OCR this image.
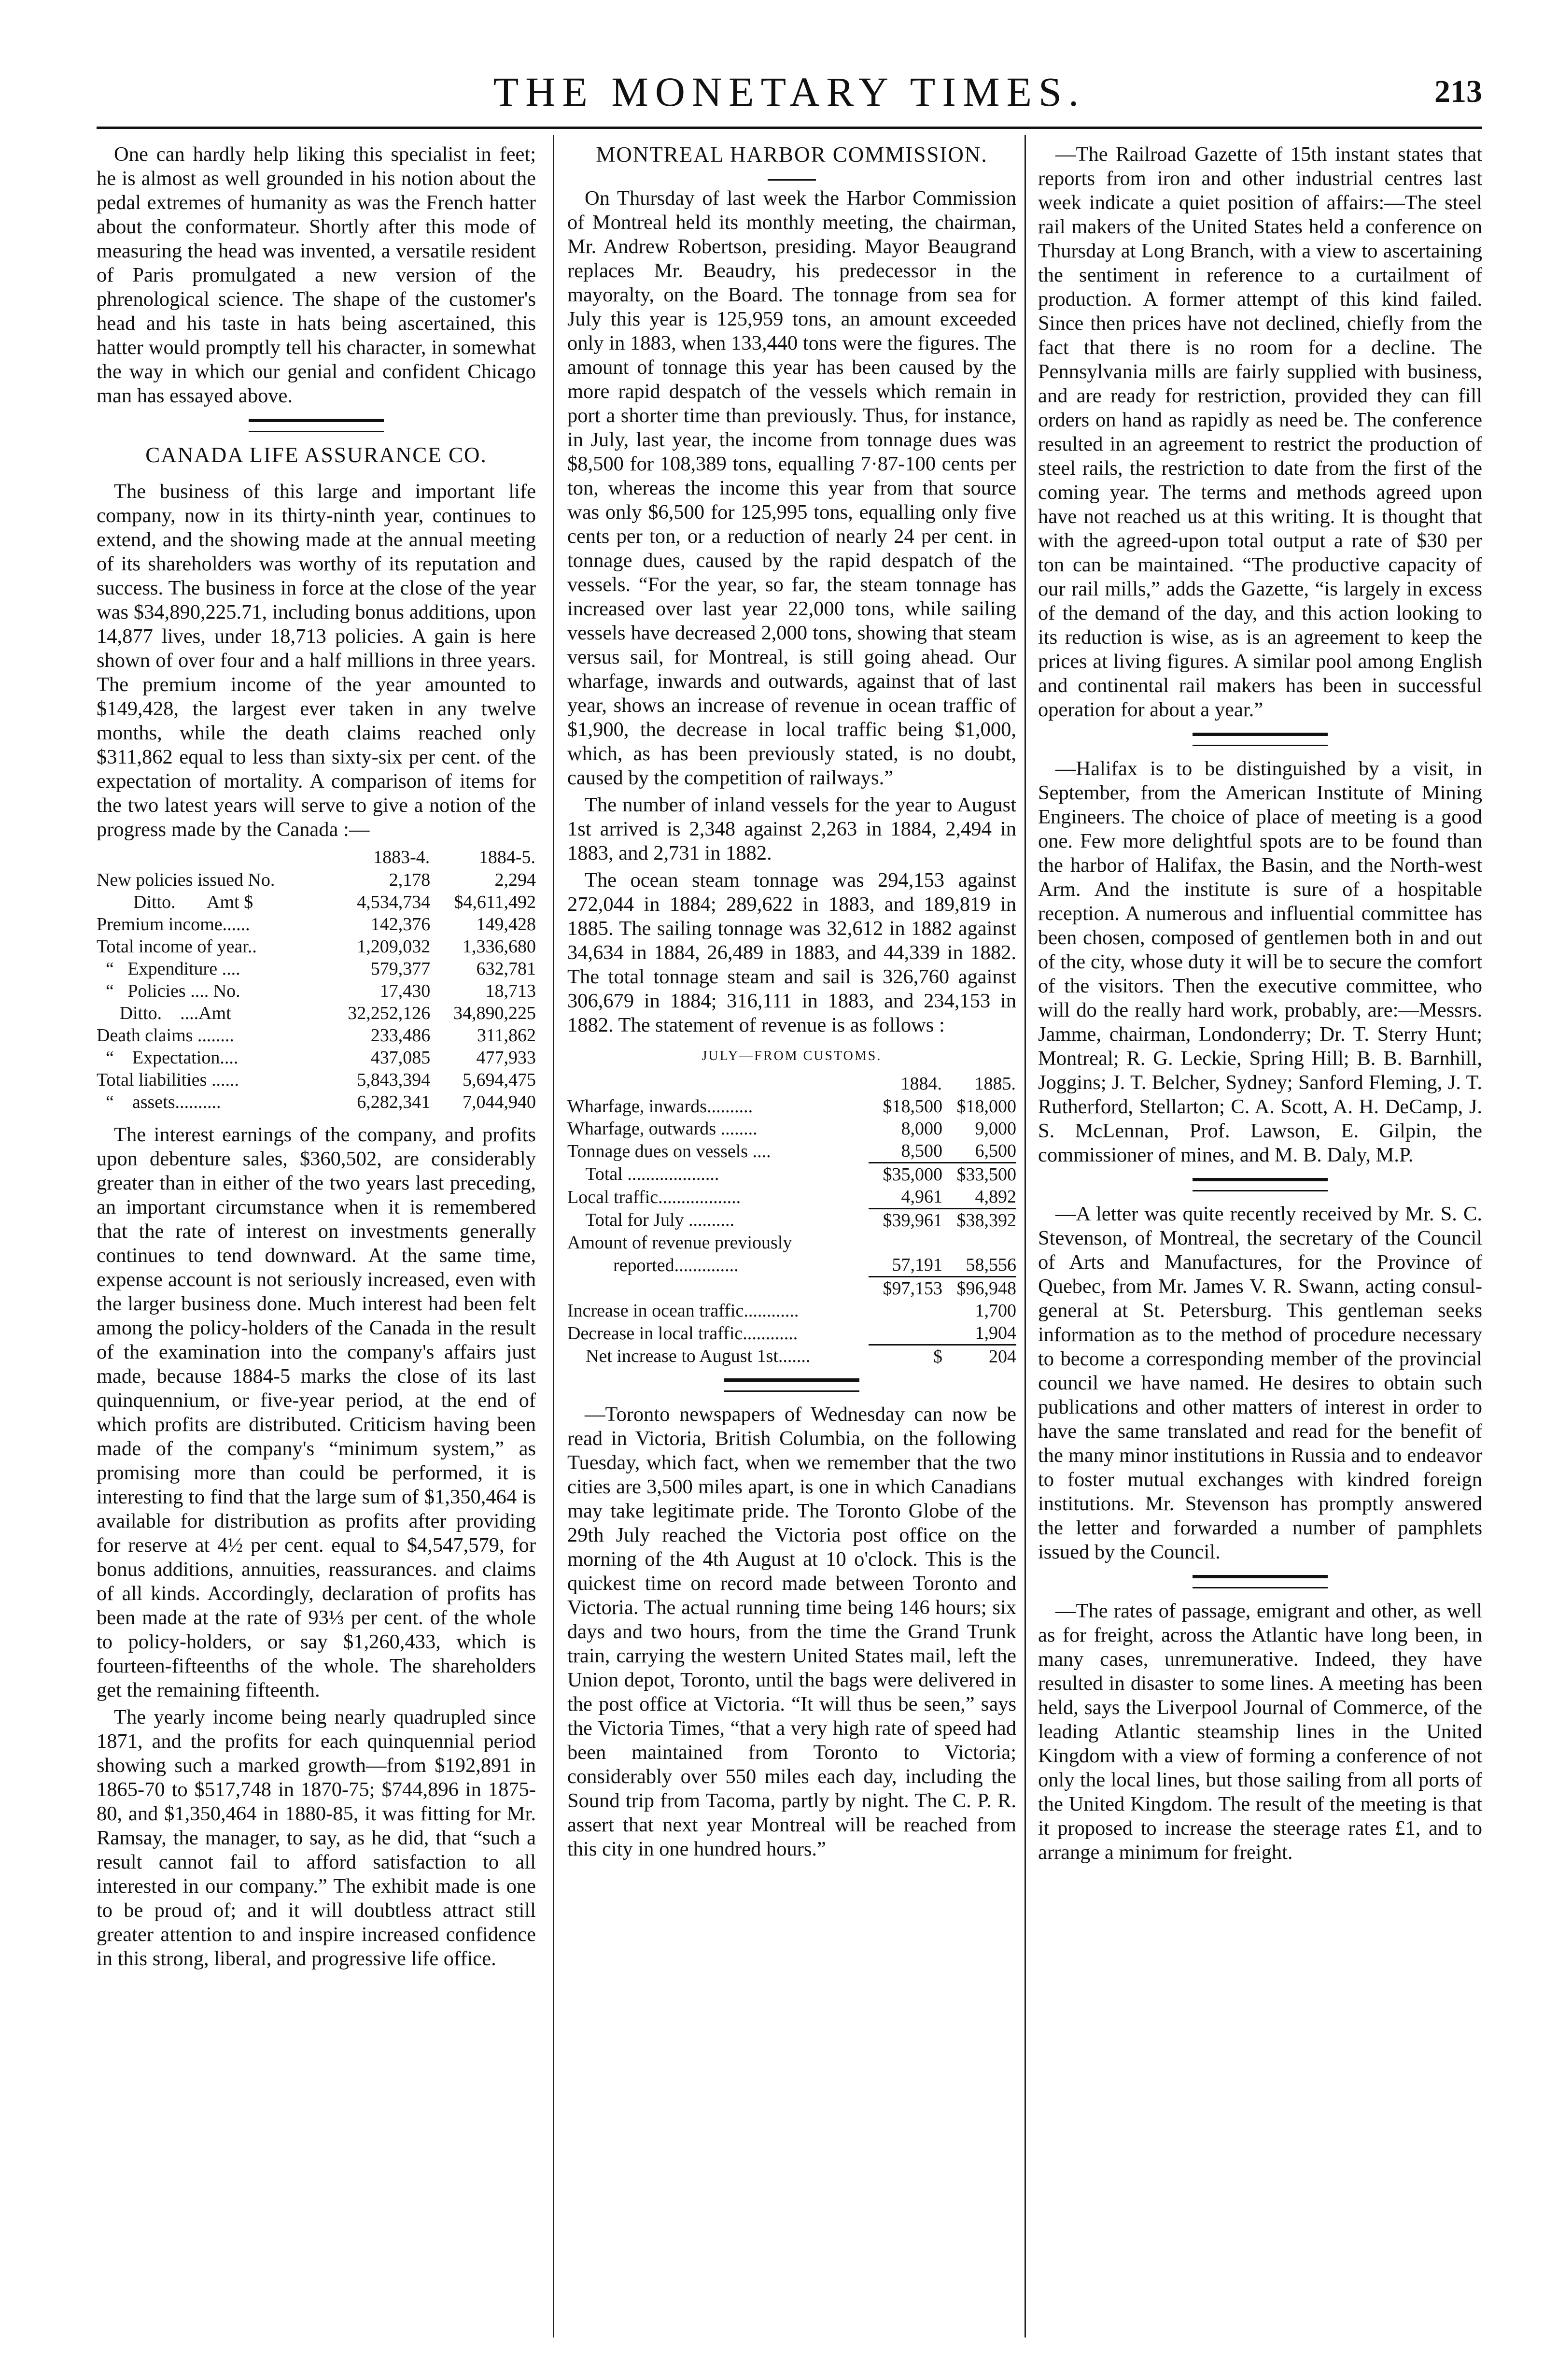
THE MONETARY TIMES.	213

One can hardly help liking this specialist in feet; he is almost as well grounded in his notion about the pedal extremes of humanity as was the French hatter about the conformateur. Shortly after this mode of measuring the head was invented, a versatile resident of Paris promulgated a new version of the phrenological science. The shape of the customer's head and his taste in hats being ascertained, this hatter would promptly tell his character, in somewhat the way in which our genial and confident Chicago man has essayed above.

CANADA LIFE ASSURANCE CO.

The business of this large and important life company, now in its thirty-ninth year, continues to extend, and the showing made at the annual meeting of its shareholders was worthy of its reputation and success. The business in force at the close of the year was $34,890,225.71, including bonus additions, upon 14,877 lives, under 18,713 policies. A gain is here shown of over four and a half millions in three years. The premium income of the year amounted to $149,428, the largest ever taken in any twelve months, while the death claims reached only $311,862 equal to less than sixty-six per cent. of the expectation of mortality. A comparison of items for the two latest years will serve to give a notion of the progress made by the Canada :—

	1883-4.	1884-5.
New policies issued No.	2,178	2,294
Ditto.       Amt $	4,534,734	$4,611,492
Premium income......	142,376	149,428
Total income of year..	1,209,032	1,336,680
“   Expenditure ....	579,377	632,781
“   Policies .... No.	17,430	18,713
Ditto.    ....Amt	32,252,126	34,890,225
Death claims ........	233,486	311,862
“    Expectation....	437,085	477,933
Total liabilities ......	5,843,394	5,694,475
“    assets..........	6,282,341	7,044,940

The interest earnings of the company, and profits upon debenture sales, $360,502, are considerably greater than in either of the two years last preceding, an important circumstance when it is remembered that the rate of interest on investments generally continues to tend downward. At the same time, expense account is not seriously increased, even with the larger business done. Much interest had been felt among the policy-holders of the Canada in the result of the examination into the company's affairs just made, because 1884-5 marks the close of its last quinquennium, or five-year period, at the end of which profits are distributed. Criticism having been made of the company's “minimum system,” as promising more than could be performed, it is interesting to find that the large sum of $1,350,464 is available for distribution as profits after providing for reserve at 4½ per cent. equal to $4,547,579, for bonus additions, annuities, reassurances. and claims of all kinds. Accordingly, declaration of profits has been made at the rate of 93⅓ per cent. of the whole to policy-holders, or say $1,260,433, which is fourteen-fifteenths of the whole. The shareholders get the remaining fifteenth.

The yearly income being nearly quadrupled since 1871, and the profits for each quinquennial period showing such a marked growth—from $192,891 in 1865-70 to $517,748 in 1870-75; $744,896 in 1875-80, and $1,350,464 in 1880-85, it was fitting for Mr. Ramsay, the manager, to say, as he did, that “such a result cannot fail to afford satisfaction to all interested in our company.” The exhibit made is one to be proud of; and it will doubtless attract still greater attention to and inspire increased confidence in this strong, liberal, and progressive life office.

MONTREAL HARBOR COMMISSION.

On Thursday of last week the Harbor Commission of Montreal held its monthly meeting, the chairman, Mr. Andrew Robertson, presiding. Mayor Beaugrand replaces Mr. Beaudry, his predecessor in the mayoralty, on the Board. The tonnage from sea for July this year is 125,959 tons, an amount exceeded only in 1883, when 133,440 tons were the figures. The amount of tonnage this year has been caused by the more rapid despatch of the vessels which remain in port a shorter time than previously. Thus, for instance, in July, last year, the income from tonnage dues was $8,500 for 108,389 tons, equalling 7·87-100 cents per ton, whereas the income this year from that source was only $6,500 for 125,995 tons, equalling only five cents per ton, or a reduction of nearly 24 per cent. in tonnage dues, caused by the rapid despatch of the vessels. “For the year, so far, the steam tonnage has increased over last year 22,000 tons, while sailing vessels have decreased 2,000 tons, showing that steam versus sail, for Montreal, is still going ahead. Our wharfage, inwards and outwards, against that of last year, shows an increase of revenue in ocean traffic of $1,900, the decrease in local traffic being $1,000, which, as has been previously stated, is no doubt, caused by the competition of railways.”

The number of inland vessels for the year to August 1st arrived is 2,348 against 2,263 in 1884, 2,494 in 1883, and 2,731 in 1882.

The ocean steam tonnage was 294,153 against 272,044 in 1884; 289,622 in 1883, and 189,819 in 1885. The sailing tonnage was 32,612 in 1882 against 34,634 in 1884, 26,489 in 1883, and 44,339 in 1882. The total tonnage steam and sail is 326,760 against 306,679 in 1884; 316,111 in 1883, and 234,153 in 1882. The statement of revenue is as follows :

JULY—FROM CUSTOMS.
	1884.	1885.
Wharfage, inwards..........	$18,500	$18,000
Wharfage, outwards ........	8,000	9,000
Tonnage dues on vessels ....	8,500	6,500
Total ....................	$35,000	$33,500
Local traffic..................	4,961	4,892
Total for July ..........	$39,961	$38,392
Amount of revenue previously		
reported..............	57,191	58,556
	$97,153	$96,948
Increase in ocean traffic............		1,700
Decrease in local traffic............		1,904
Net increase to August 1st.......	$	204

—Toronto newspapers of Wednesday can now be read in Victoria, British Columbia, on the following Tuesday, which fact, when we remember that the two cities are 3,500 miles apart, is one in which Canadians may take legitimate pride. The Toronto Globe of the 29th July reached the Victoria post office on the morning of the 4th August at 10 o'clock. This is the quickest time on record made between Toronto and Victoria. The actual running time being 146 hours; six days and two hours, from the time the Grand Trunk train, carrying the western United States mail, left the Union depot, Toronto, until the bags were delivered in the post office at Victoria. “It will thus be seen,” says the Victoria Times, “that a very high rate of speed had been maintained from Toronto to Victoria; considerably over 550 miles each day, including the Sound trip from Tacoma, partly by night. The C. P. R. assert that next year Montreal will be reached from this city in one hundred hours.”

—The Railroad Gazette of 15th instant states that reports from iron and other industrial centres last week indicate a quiet position of affairs:—The steel rail makers of the United States held a conference on Thursday at Long Branch, with a view to ascertaining the sentiment in reference to a curtailment of production. A former attempt of this kind failed. Since then prices have not declined, chiefly from the fact that there is no room for a decline. The Pennsylvania mills are fairly supplied with business, and are ready for restriction, provided they can fill orders on hand as rapidly as need be. The conference resulted in an agreement to restrict the production of steel rails, the restriction to date from the first of the coming year. The terms and methods agreed upon have not reached us at this writing. It is thought that with the agreed-upon total output a rate of $30 per ton can be maintained. “The productive capacity of our rail mills,” adds the Gazette, “is largely in excess of the demand of the day, and this action looking to its reduction is wise, as is an agreement to keep the prices at living figures. A similar pool among English and continental rail makers has been in successful operation for about a year.”

—Halifax is to be distinguished by a visit, in September, from the American Institute of Mining Engineers. The choice of place of meeting is a good one. Few more delightful spots are to be found than the harbor of Halifax, the Basin, and the North-west Arm. And the institute is sure of a hospitable reception. A numerous and influential committee has been chosen, composed of gentlemen both in and out of the city, whose duty it will be to secure the comfort of the visitors. Then the executive committee, who will do the really hard work, probably, are:—Messrs. Jamme, chairman, Londonderry; Dr. T. Sterry Hunt; Montreal; R. G. Leckie, Spring Hill; B. B. Barnhill, Joggins; J. T. Belcher, Sydney; Sanford Fleming, J. T. Rutherford, Stellarton; C. A. Scott, A. H. DeCamp, J. S. McLennan, Prof. Lawson, E. Gilpin, the commissioner of mines, and M. B. Daly, M.P.

—A letter was quite recently received by Mr. S. C. Stevenson, of Montreal, the secretary of the Council of Arts and Manufactures, for the Province of Quebec, from Mr. James V. R. Swann, acting consul-general at St. Petersburg. This gentleman seeks information as to the method of procedure necessary to become a corresponding member of the provincial council we have named. He desires to obtain such publications and other matters of interest in order to have the same translated and read for the benefit of the many minor institutions in Russia and to endeavor to foster mutual exchanges with kindred foreign institutions. Mr. Stevenson has promptly answered the letter and forwarded a number of pamphlets issued by the Council.

—The rates of passage, emigrant and other, as well as for freight, across the Atlantic have long been, in many cases, unremunerative. Indeed, they have resulted in disaster to some lines. A meeting has been held, says the Liverpool Journal of Commerce, of the leading Atlantic steamship lines in the United Kingdom with a view of forming a conference of not only the local lines, but those sailing from all ports of the United Kingdom. The result of the meeting is that it proposed to increase the steerage rates £1, and to arrange a minimum for freight.
